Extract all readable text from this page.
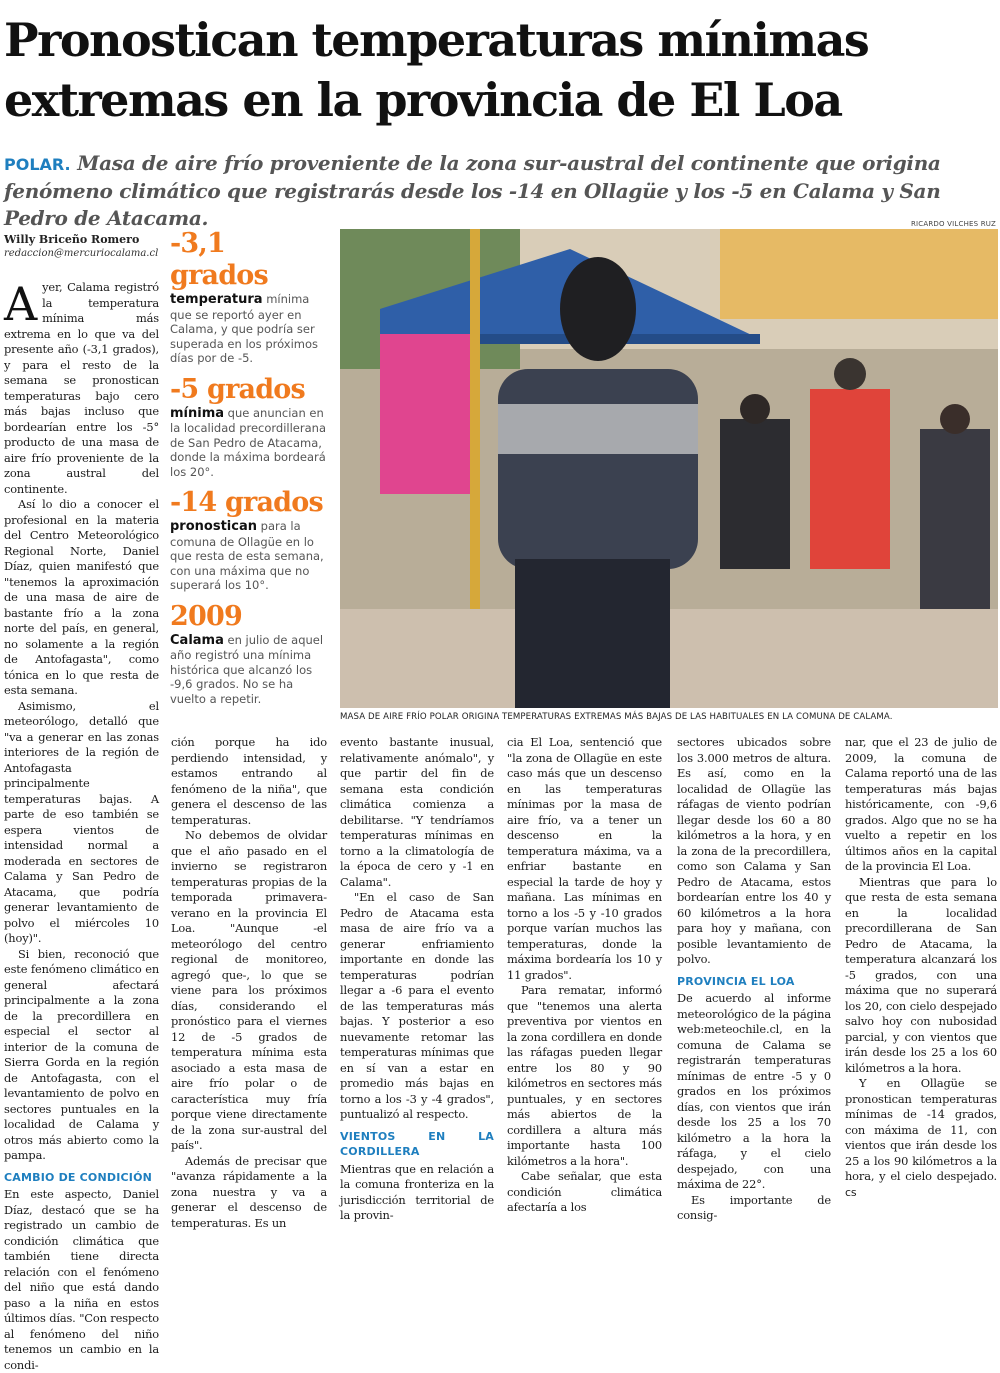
Pronostican temperaturas mínimas
extremas en la provincia de El Loa
POLAR. Masa de aire frío proveniente de la zona sur-austral del continente que origina fenómeno climático que registrarás desde los -14 en Ollagüe y los -5 en Calama y San Pedro de Atacama.	RICARDO VILCHES RUZ
Willy Briceño Romero
redaccion@mercuriocalama.cl

Ayer, Calama registró la temperatura mínima más extrema en lo que va del presente año (-3,1 grados), y para el resto de la semana se pronostican temperaturas bajo cero más bajas incluso que bordearían entre los -5° producto de una masa de aire frío proveniente de la zona austral del continente.

Así lo dio a conocer el profesional en la materia del Centro Meteorológico Regional Norte, Daniel Díaz, quien manifestó que "tenemos la aproximación de una masa de aire de bastante frío a la zona norte del país, en general, no solamente a la región de Antofagasta", como tónica en lo que resta de esta semana.

Asimismo, el meteorólogo, detalló que "va a generar en las zonas interiores de la región de Antofagasta principalmente temperaturas bajas. A parte de eso también se espera vientos de intensidad normal a moderada en sectores de Calama y San Pedro de Atacama, que podría generar levantamiento de polvo el miércoles 10 (hoy)".

Si bien, reconoció que este fenómeno climático en general afectará principalmente a la zona de la precordillera en especial el sector al interior de la comuna de Sierra Gorda en la región de Antofagasta, con el levantamiento de polvo en sectores puntuales en la localidad de Calama y otros más abierto como la pampa.

CAMBIO DE CONDICIÓN

En este aspecto, Daniel Díaz, destacó que se ha registrado un cambio de condición climática que también tiene directa relación con el fenómeno del niño que está dando paso a la niña en estos últimos días. "Con respecto al fenómeno del niño tenemos un cambio en la condi-

-3,1 grados
temperatura mínima que se reportó ayer en Calama, y que podría ser superada en los próximos días por de -5.
-5 grados
mínima que anuncian en la localidad precordillerana de San Pedro de Atacama, donde la máxima bordeará los 20°.
-14 grados
pronostican para la comuna de Ollagüe en lo que resta de esta semana, con una máxima que no superará los 10°.
2009
Calama en julio de aquel año registró una mínima histórica que alcanzó los -9,6 grados. No se ha vuelto a repetir.
MASA DE AIRE FRÍO POLAR ORIGINA TEMPERATURAS EXTREMAS MÁS BAJAS DE LAS HABITUALES EN LA COMUNA DE CALAMA.

ción porque ha ido perdiendo intensidad, y estamos entrando al fenómeno de la niña", que genera el descenso de las temperaturas.

No debemos de olvidar que el año pasado en el invierno se registraron temperaturas propias de la temporada primavera-verano en la provincia El Loa. "Aunque -el meteorólogo del centro regional de monitoreo, agregó que-, lo que se viene para los próximos días, considerando el pronóstico para el viernes 12 de -5 grados de temperatura mínima esta asociado a esta masa de aire frío polar o de característica muy fría porque viene directamente de la zona sur-austral del país".

Además de precisar que "avanza rápidamente a la zona nuestra y va a generar el descenso de temperaturas. Es un

evento bastante inusual, relativamente anómalo", y que partir del fin de semana esta condición climática comienza a debilitarse. "Y tendríamos temperaturas mínimas en torno a la climatología de la época de cero y -1 en Calama".

"En el caso de San Pedro de Atacama esta masa de aire frío va a generar enfriamiento importante en donde las temperaturas podrían llegar a -6 para el evento de las temperaturas más bajas. Y posterior a eso nuevamente retomar las temperaturas mínimas que en sí van a estar en promedio más bajas en torno a los -3 y -4 grados", puntualizó al respecto.

VIENTOS EN LA CORDILLERA

Mientras que en relación a la comuna fronteriza en la jurisdicción territorial de la provin-

cia El Loa, sentenció que "la zona de Ollagüe en este caso más que un descenso en las temperaturas mínimas por la masa de aire frío, va a tener un descenso en la temperatura máxima, va a enfriar bastante en especial la tarde de hoy y mañana. Las mínimas en torno a los -5 y -10 grados porque varían muchos las temperaturas, donde la máxima bordearía los 10 y 11 grados".

Para rematar, informó que "tenemos una alerta preventiva por vientos en la zona cordillera en donde las ráfagas pueden llegar entre los 80 y 90 kilómetros en sectores más puntuales, y en sectores más abiertos de la cordillera a altura más importante hasta 100 kilómetros a la hora".

Cabe señalar, que esta condición climática afectaría a los

sectores ubicados sobre los 3.000 metros de altura. Es así, como en la localidad de Ollagüe las ráfagas de viento podrían llegar desde los 60 a 80 kilómetros a la hora, y en la zona de la precordillera, como son Calama y San Pedro de Atacama, estos bordearían entre los 40 y 60 kilómetros a la hora para hoy y mañana, con posible levantamiento de polvo.

PROVINCIA EL LOA

De acuerdo al informe meteorológico de la página web:meteochile.cl, en la comuna de Calama se registrarán temperaturas mínimas de entre -5 y 0 grados en los próximos días, con vientos que irán desde los 25 a los 70 kilómetro a la hora la ráfaga, y el cielo despejado, con una máxima de 22°.

Es importante de consig-

nar, que el 23 de julio de 2009, la comuna de Calama reportó una de las temperaturas más bajas históricamente, con -9,6 grados. Algo que no se ha vuelto a repetir en los últimos años en la capital de la provincia El Loa.

Mientras que para lo que resta de esta semana en la localidad precordillerana de San Pedro de Atacama, la temperatura alcanzará los -5 grados, con una máxima que no superará los 20, con cielo despejado salvo hoy con nubosidad parcial, y con vientos que irán desde los 25 a los 60 kilómetros a la hora.

Y en Ollagüe se pronostican temperaturas mínimas de -14 grados, con máxima de 11, con vientos que irán desde los 25 a los 90 kilómetros a la hora, y el cielo despejado. cs
